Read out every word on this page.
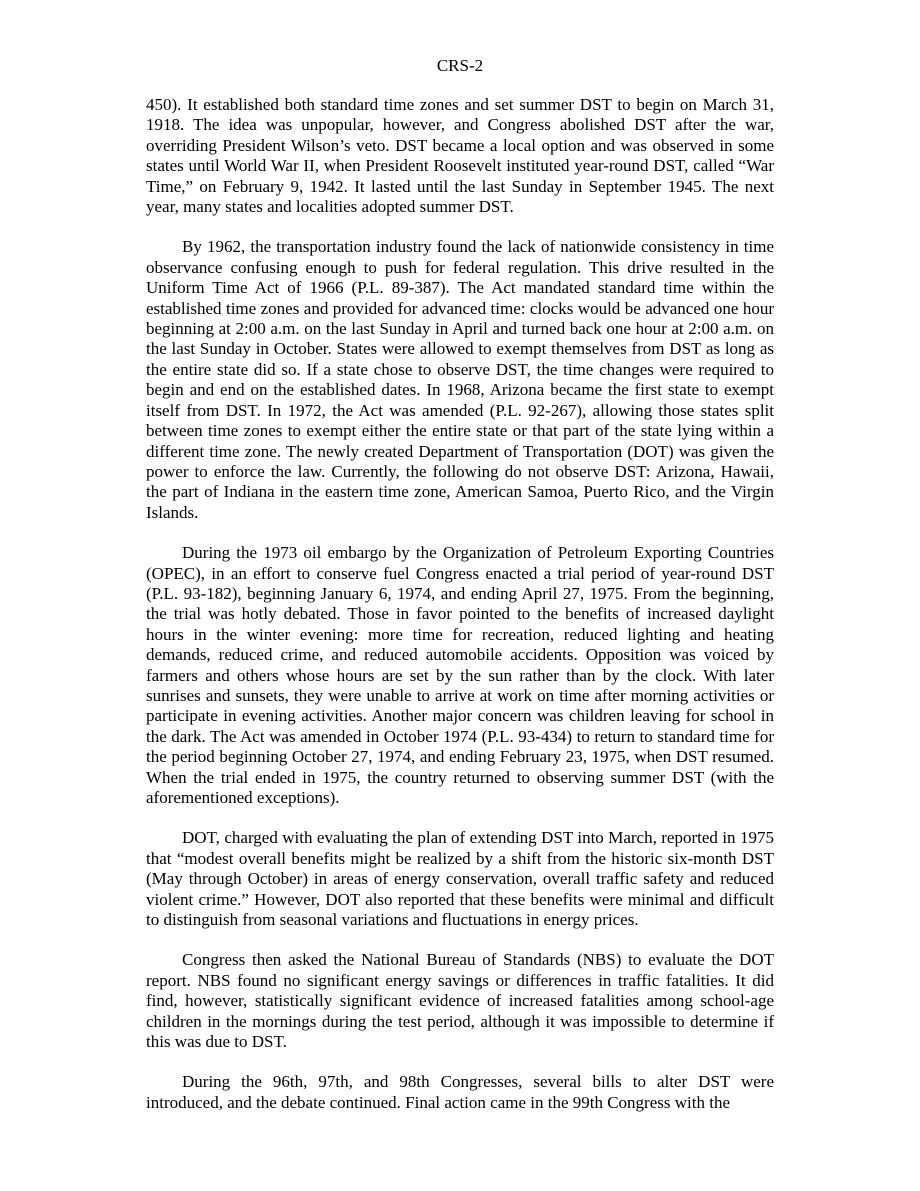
CRS-2

450). It established both standard time zones and set summer DST to begin on March 31, 1918. The idea was unpopular, however, and Congress abolished DST after the war, overriding President Wilson’s veto. DST became a local option and was observed in some states until World War II, when President Roosevelt instituted year-round DST, called “War Time,” on February 9, 1942. It lasted until the last Sunday in September 1945. The next year, many states and localities adopted summer DST.

By 1962, the transportation industry found the lack of nationwide consistency in time observance confusing enough to push for federal regulation. This drive resulted in the Uniform Time Act of 1966 (P.L. 89-387). The Act mandated standard time within the established time zones and provided for advanced time: clocks would be advanced one hour beginning at 2:00 a.m. on the last Sunday in April and turned back one hour at 2:00 a.m. on the last Sunday in October. States were allowed to exempt themselves from DST as long as the entire state did so. If a state chose to observe DST, the time changes were required to begin and end on the established dates. In 1968, Arizona became the first state to exempt itself from DST. In 1972, the Act was amended (P.L. 92-267), allowing those states split between time zones to exempt either the entire state or that part of the state lying within a different time zone. The newly created Department of Transportation (DOT) was given the power to enforce the law. Currently, the following do not observe DST: Arizona, Hawaii, the part of Indiana in the eastern time zone, American Samoa, Puerto Rico, and the Virgin Islands.

During the 1973 oil embargo by the Organization of Petroleum Exporting Countries (OPEC), in an effort to conserve fuel Congress enacted a trial period of year-round DST (P.L. 93-182), beginning January 6, 1974, and ending April 27, 1975. From the beginning, the trial was hotly debated. Those in favor pointed to the benefits of increased daylight hours in the winter evening: more time for recreation, reduced lighting and heating demands, reduced crime, and reduced automobile accidents. Opposition was voiced by farmers and others whose hours are set by the sun rather than by the clock. With later sunrises and sunsets, they were unable to arrive at work on time after morning activities or participate in evening activities. Another major concern was children leaving for school in the dark. The Act was amended in October 1974 (P.L. 93-434) to return to standard time for the period beginning October 27, 1974, and ending February 23, 1975, when DST resumed. When the trial ended in 1975, the country returned to observing summer DST (with the aforementioned exceptions).

DOT, charged with evaluating the plan of extending DST into March, reported in 1975 that “modest overall benefits might be realized by a shift from the historic six-month DST (May through October) in areas of energy conservation, overall traffic safety and reduced violent crime.” However, DOT also reported that these benefits were minimal and difficult to distinguish from seasonal variations and fluctuations in energy prices.

Congress then asked the National Bureau of Standards (NBS) to evaluate the DOT report. NBS found no significant energy savings or differences in traffic fatalities. It did find, however, statistically significant evidence of increased fatalities among school-age children in the mornings during the test period, although it was impossible to determine if this was due to DST.

During the 96th, 97th, and 98th Congresses, several bills to alter DST were introduced, and the debate continued. Final action came in the 99th Congress with the
